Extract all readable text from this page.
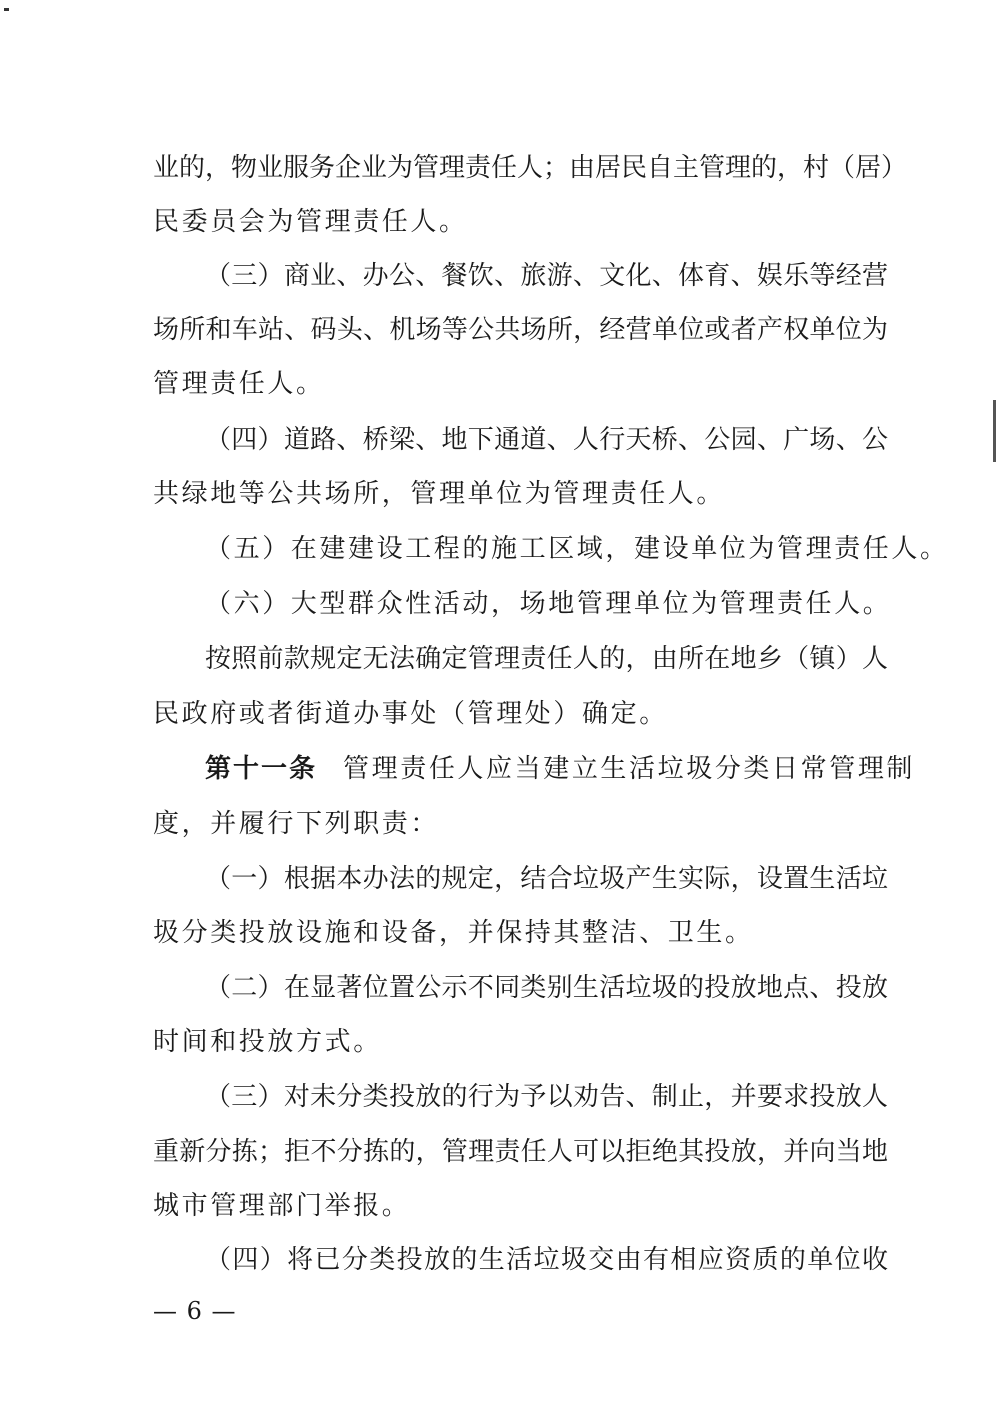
业的，物业服务企业为管理责任人；由居民自主管理的，村（居）
民委员会为管理责任人。
（三）商业、办公、餐饮、旅游、文化、体育、娱乐等经营
场所和车站、码头、机场等公共场所，经营单位或者产权单位为
管理责任人。
（四）道路、桥梁、地下通道、人行天桥、公园、广场、公
共绿地等公共场所，管理单位为管理责任人。
（五）在建建设工程的施工区域，建设单位为管理责任人。
（六）大型群众性活动，场地管理单位为管理责任人。
按照前款规定无法确定管理责任人的，由所在地乡（镇）人
民政府或者街道办事处（管理处）确定。
第十一条 管理责任人应当建立生活垃圾分类日常管理制
度，并履行下列职责：
（一）根据本办法的规定，结合垃圾产生实际，设置生活垃
圾分类投放设施和设备，并保持其整洁、卫生。
（二）在显著位置公示不同类别生活垃圾的投放地点、投放
时间和投放方式。
（三）对未分类投放的行为予以劝告、制止，并要求投放人
重新分拣；拒不分拣的，管理责任人可以拒绝其投放，并向当地
城市管理部门举报。
（四）将已分类投放的生活垃圾交由有相应资质的单位收
— 6 —
